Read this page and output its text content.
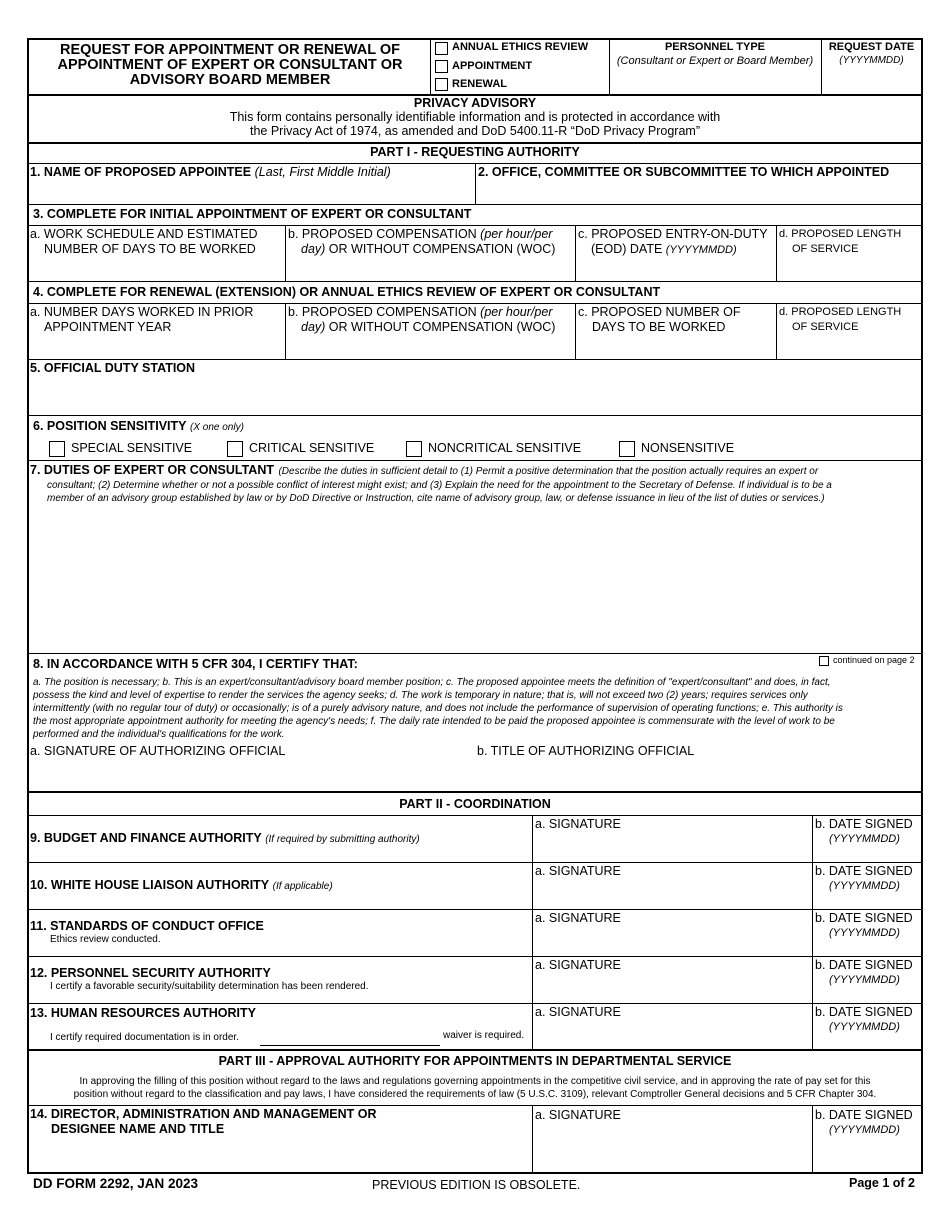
REQUEST FOR APPOINTMENT OR RENEWAL OF
APPOINTMENT OF EXPERT OR CONSULTANT OR
ADVISORY BOARD MEMBER
ANNUAL ETHICS REVIEW
APPOINTMENT
RENEWAL
PERSONNEL TYPE
(Consultant or Expert or Board Member)
REQUEST DATE
(YYYYMMDD)
PRIVACY ADVISORY
This form contains personally identifiable information and is protected in accordance with
the Privacy Act of 1974, as amended and DoD 5400.11-R “DoD Privacy Program”
PART I - REQUESTING AUTHORITY
1. NAME OF PROPOSED APPOINTEE (Last, First Middle Initial)	2. OFFICE, COMMITTEE OR SUBCOMMITTEE TO WHICH APPOINTED
3. COMPLETE FOR INITIAL APPOINTMENT OF EXPERT OR CONSULTANT
a. WORK SCHEDULE AND ESTIMATED
NUMBER OF DAYS TO BE WORKED
b. PROPOSED COMPENSATION (per hour/per
day) OR WITHOUT COMPENSATION (WOC)
c. PROPOSED ENTRY-ON-DUTY
(EOD) DATE (YYYYMMDD)
d. PROPOSED LENGTH
OF SERVICE
4. COMPLETE FOR RENEWAL (EXTENSION) OR ANNUAL ETHICS REVIEW OF EXPERT OR CONSULTANT
a. NUMBER DAYS WORKED IN PRIOR
APPOINTMENT YEAR
b. PROPOSED COMPENSATION (per hour/per
day) OR WITHOUT COMPENSATION (WOC)
c. PROPOSED NUMBER OF
DAYS TO BE WORKED
d. PROPOSED LENGTH
OF SERVICE
5. OFFICIAL DUTY STATION
6. POSITION SENSITIVITY (X one only)
SPECIAL SENSITIVE	CRITICAL SENSITIVE	NONCRITICAL SENSITIVE	NONSENSITIVE
7. DUTIES OF EXPERT OR CONSULTANT (Describe the duties in sufficient detail to (1) Permit a positive determination that the position actually requires an expert or
consultant; (2) Determine whether or not a possible conflict of interest might exist; and (3) Explain the need for the appointment to the Secretary of Defense. If individual is to be a
member of an advisory group established by law or by DoD Directive or Instruction, cite name of advisory group, law, or defense issuance in lieu of the list of duties or services.)
8. IN ACCORDANCE WITH 5 CFR 304, I CERTIFY THAT:	continued on page 2
a. The position is necessary; b. This is an expert/consultant/advisory board member position; c. The proposed appointee meets the definition of "expert/consultant" and does, in fact,
possess the kind and level of expertise to render the services the agency seeks; d. The work is temporary in nature; that is, will not exceed two (2) years; requires services only
intermittently (with no regular tour of duty) or occasionally; is of a purely advisory nature, and does not include the performance of supervision of operating functions; e. This authority is
the most appropriate appointment authority for meeting the agency's needs; f. The daily rate intended to be paid the proposed appointee is commensurate with the level of work to be
performed and the individual's qualifications for the work.
a. SIGNATURE OF AUTHORIZING OFFICIAL	b. TITLE OF AUTHORIZING OFFICIAL
PART II - COORDINATION
9. BUDGET AND FINANCE AUTHORITY (If required by submitting authority)
a. SIGNATURE	b. DATE SIGNED
(YYYYMMDD)
10. WHITE HOUSE LIAISON AUTHORITY (If applicable)
a. SIGNATURE	b. DATE SIGNED
(YYYYMMDD)
11. STANDARDS OF CONDUCT OFFICE
Ethics review conducted.
a. SIGNATURE	b. DATE SIGNED
(YYYYMMDD)
12. PERSONNEL SECURITY AUTHORITY
I certify a favorable security/suitability determination has been rendered.
a. SIGNATURE	b. DATE SIGNED
(YYYYMMDD)
13. HUMAN RESOURCES AUTHORITY
I certify required documentation is in order.	waiver is required.
a. SIGNATURE	b. DATE SIGNED
(YYYYMMDD)
PART III - APPROVAL AUTHORITY FOR APPOINTMENTS IN DEPARTMENTAL SERVICE
In approving the filling of this position without regard to the laws and regulations governing appointments in the competitive civil service, and in approving the rate of pay set for this
position without regard to the classification and pay laws, I have considered the requirements of law (5 U.S.C. 3109), relevant Comptroller General decisions and 5 CFR Chapter 304.
14. DIRECTOR, ADMINISTRATION AND MANAGEMENT OR
DESIGNEE NAME AND TITLE
a. SIGNATURE	b. DATE SIGNED
(YYYYMMDD)
DD FORM 2292, JAN 2023	PREVIOUS EDITION IS OBSOLETE.	Page 1 of 2
